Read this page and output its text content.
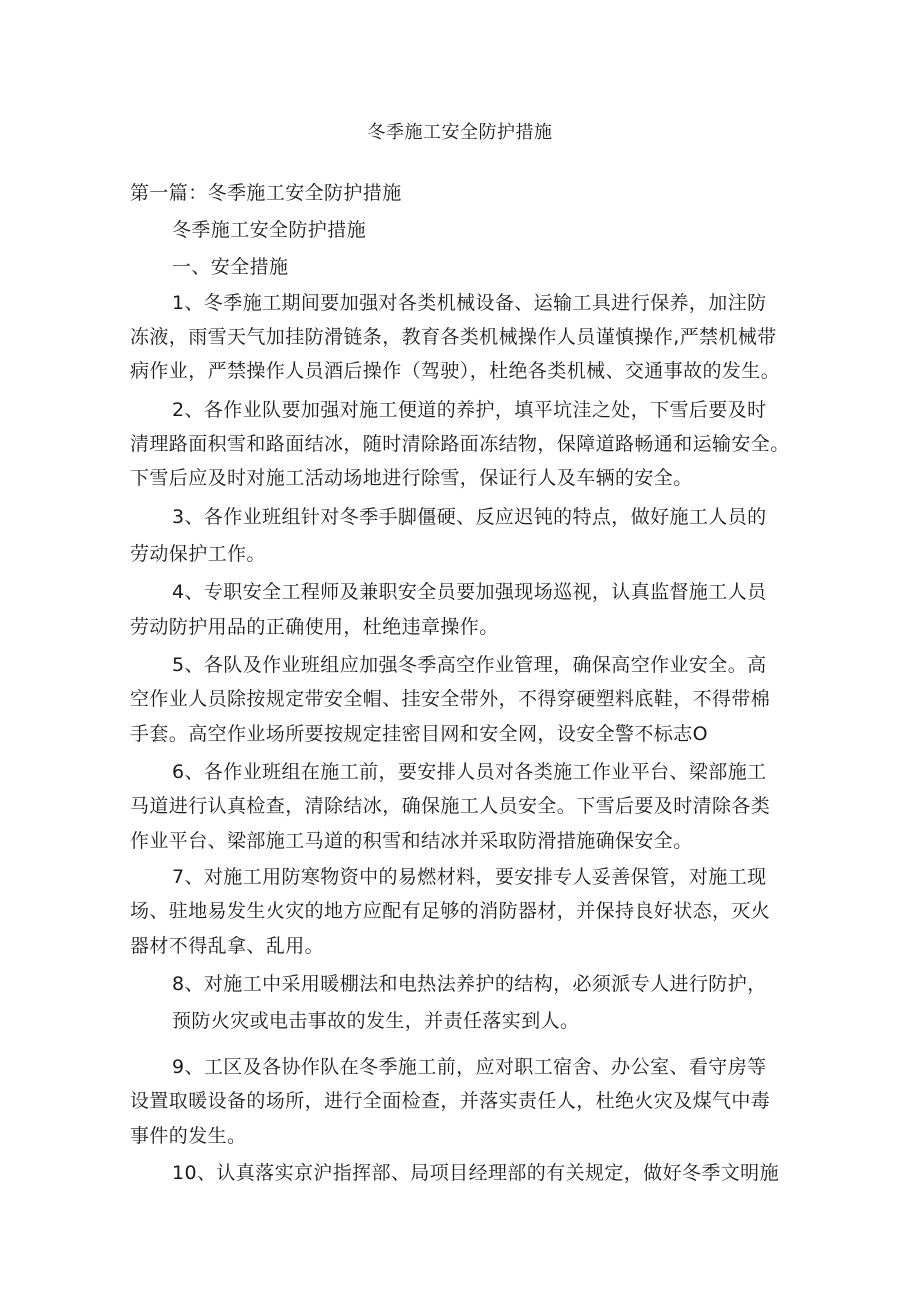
冬季施工安全防护措施
第一篇：冬季施工安全防护措施
冬季施工安全防护措施
一、安全措施
1、冬季施工期间要加强对各类机械设备、运输工具进行保养，加注防
冻液，雨雪天气加挂防滑链条，教育各类机械操作人员谨慎操作,严禁机械带
病作业，严禁操作人员酒后操作（驾驶），杜绝各类机械、交通事故的发生。
2、各作业队要加强对施工便道的养护，填平坑洼之处，下雪后要及时
清理路面积雪和路面结冰，随时清除路面冻结物，保障道路畅通和运输安全。
下雪后应及时对施工活动场地进行除雪，保证行人及车辆的安全。
3、各作业班组针对冬季手脚僵硬、反应迟钝的特点，做好施工人员的
劳动保护工作。
4、专职安全工程师及兼职安全员要加强现场巡视，认真监督施工人员
劳动防护用品的正确使用，杜绝违章操作。
5、各队及作业班组应加强冬季高空作业管理，确保高空作业安全。高
空作业人员除按规定带安全帽、挂安全带外，不得穿硬塑料底鞋，不得带棉
手套。高空作业场所要按规定挂密目网和安全网，设安全警不标志O
6、各作业班组在施工前，要安排人员对各类施工作业平台、梁部施工
马道进行认真检查，清除结冰，确保施工人员安全。下雪后要及时清除各类
作业平台、梁部施工马道的积雪和结冰并采取防滑措施确保安全。
7、对施工用防寒物资中的易燃材料，要安排专人妥善保管，对施工现
场、驻地易发生火灾的地方应配有足够的消防器材，并保持良好状态，灭火
器材不得乱拿、乱用。
8、对施工中采用暖棚法和电热法养护的结构，必须派专人进行防护，
预防火灾或电击事故的发生，并责任落实到人。
9、工区及各协作队在冬季施工前，应对职工宿舍、办公室、看守房等
设置取暖设备的场所，进行全面检查，并落实责任人，杜绝火灾及煤气中毒
事件的发生。
10、认真落实京沪指挥部、局项目经理部的有关规定，做好冬季文明施
